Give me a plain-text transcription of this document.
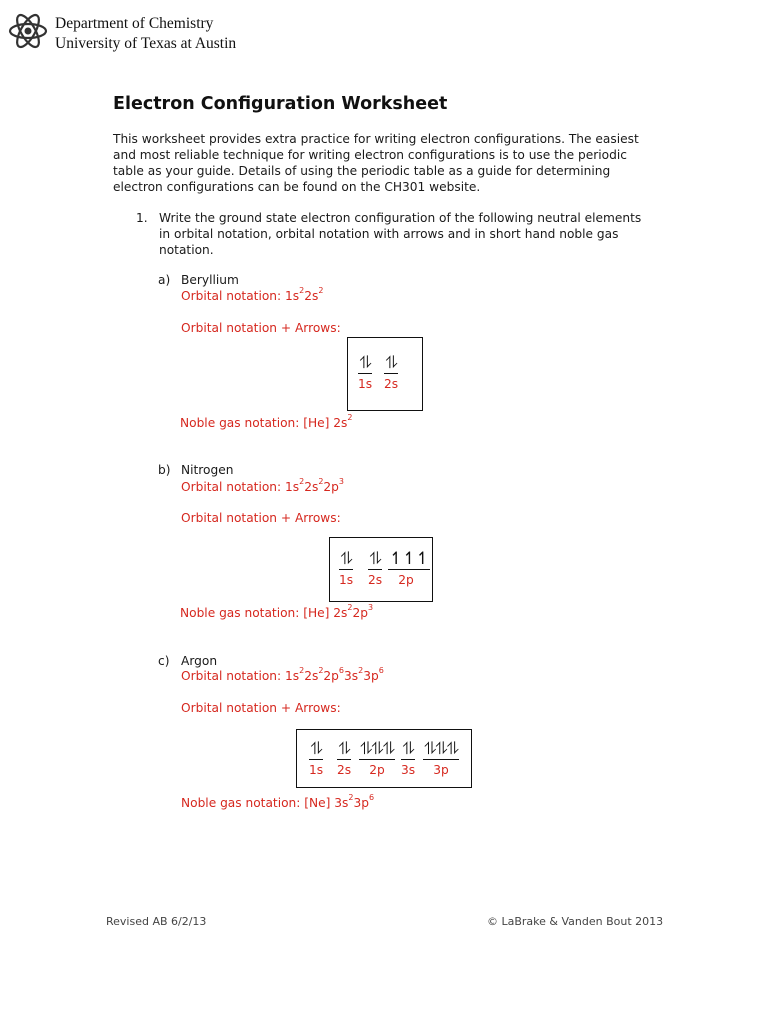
Department of Chemistry
University of Texas at Austin
Electron Configuration Worksheet
This worksheet provides extra practice for writing electron configurations. The easiest and most reliable technique for writing electron configurations is to use the periodic table as your guide. Details of using the periodic table as a guide for determining electron configurations can be found on the CH301 website.
1. Write the ground state electron configuration of the following neutral elements in orbital notation, orbital notation with arrows and in short hand noble gas notation.
a) Beryllium
Orbital notation: $1s^22s^2$
Orbital notation + Arrows:
⥮
1s
⥮
2s
Noble gas notation: [He] $2s^2$
b) Nitrogen
Orbital notation: $1s^22s^22p^3$
Orbital notation + Arrows:
⥮
1s
⥮
2s
↿↿↿
2p
Noble gas notation: [He] $2s^22p^3$
c) Argon
Orbital notation: $1s^22s^22p^63s^23p^6$
Orbital notation + Arrows:
⥮
1s
⥮
2s
⥮⥮⥮
2p
⥮
3s
⥮⥮⥮
3p
Noble gas notation: [Ne] $3s^23p^6$
Revised AB 6/2/13	© LaBrake & Vanden Bout 2013
